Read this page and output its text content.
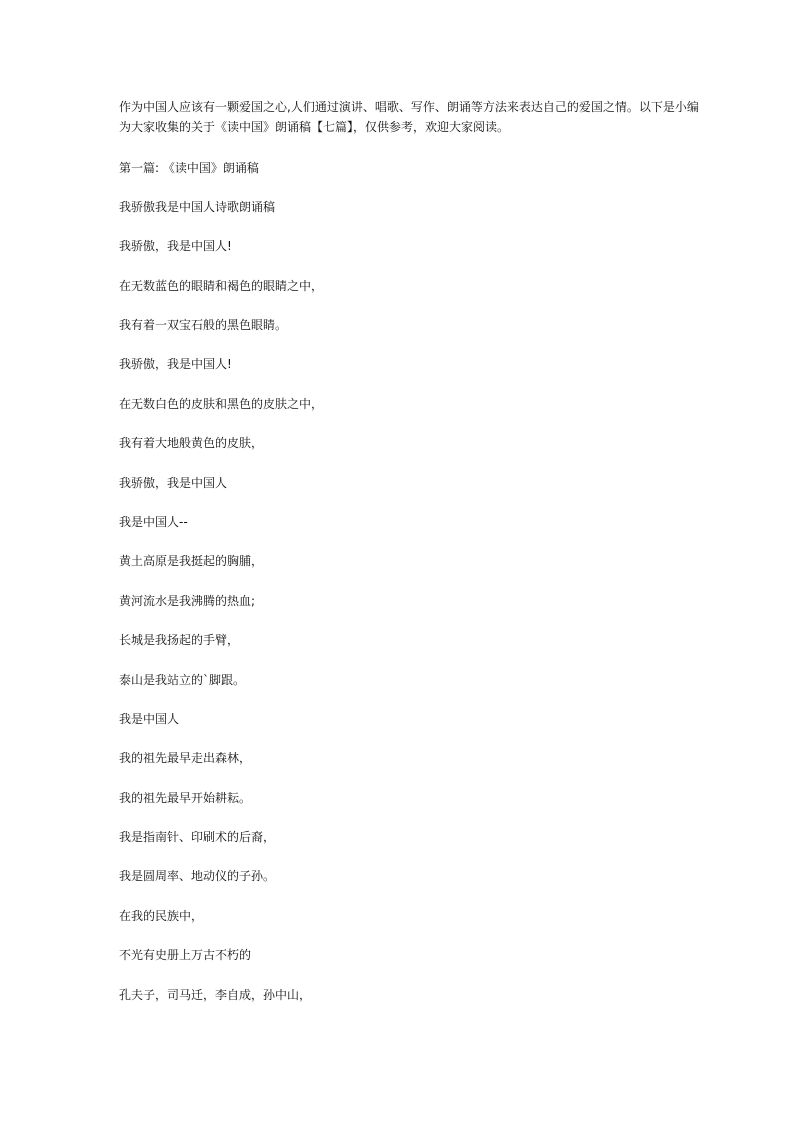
作为中国人应该有一颗爱国之心,人们通过演讲、唱歌、写作、朗诵等方法来表达自己的爱国之情。以下是小编为大家收集的关于《读中国》朗诵稿【七篇】，仅供参考，欢迎大家阅读。

第一篇: 《读中国》朗诵稿

我骄傲我是中国人诗歌朗诵稿

我骄傲，我是中国人!

在无数蓝色的眼睛和褐色的眼睛之中，

我有着一双宝石般的黑色眼睛。

我骄傲，我是中国人!

在无数白色的皮肤和黑色的皮肤之中，

我有着大地般黄色的皮肤，

我骄傲，我是中国人

我是中国人--

黄土高原是我挺起的胸脯，

黄河流水是我沸腾的热血;

长城是我扬起的手臂，

泰山是我站立的`脚跟。

我是中国人

我的祖先最早走出森林，

我的祖先最早开始耕耘。

我是指南针、印刷术的后裔，

我是圆周率、地动仪的子孙。

在我的民族中，

不光有史册上万古不朽的

孔夫子，司马迁，李自成，孙中山，
